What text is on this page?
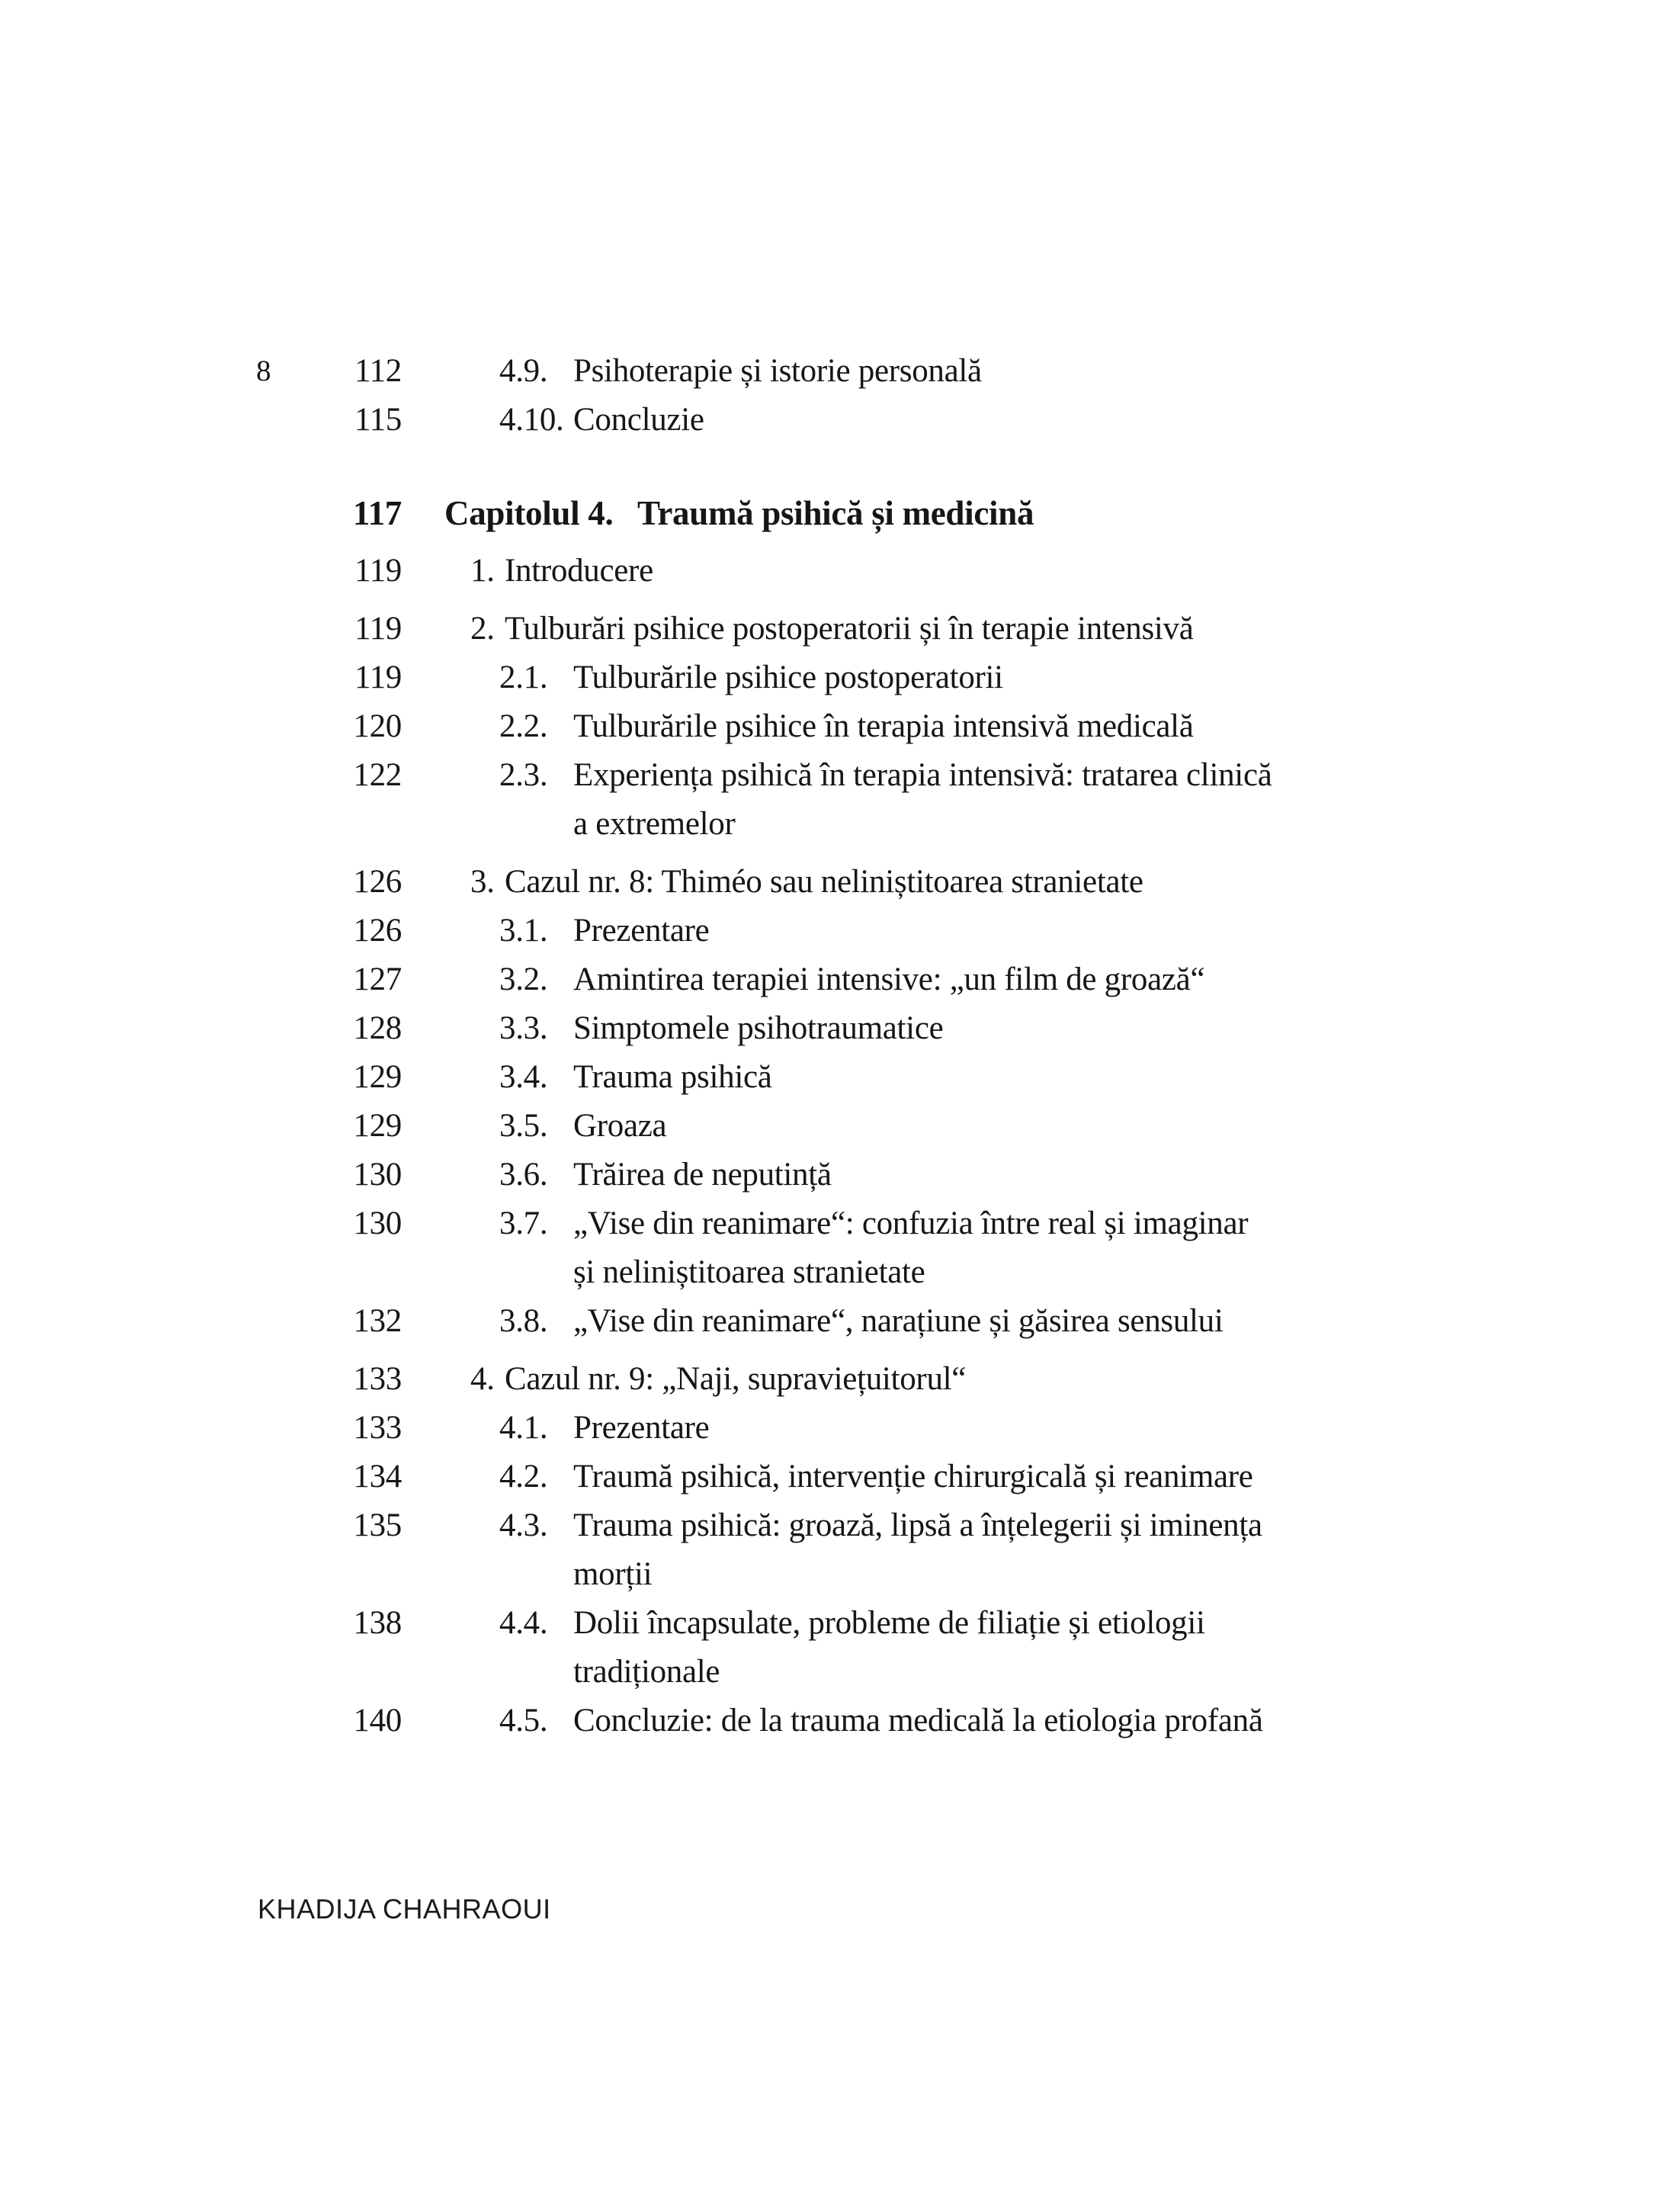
8	112	4.9. Psihoterapie și istorie personală
115	4.10. Concluzie
117 Capitolul 4. Traumă psihică și medicină
119 1. Introducere
119 2. Tulburări psihice postoperatorii și în terapie intensivă
119	2.1. Tulburările psihice postoperatorii
120	2.2. Tulburările psihice în terapia intensivă medicală
122	2.3. Experiența psihică în terapia intensivă: tratarea clinică
a extremelor
126 3. Cazul nr. 8: Thiméo sau neliniștitoarea stranietate
126	3.1. Prezentare
127	3.2. Amintirea terapiei intensive: „un film de groază“
128	3.3. Simptomele psihotraumatice
129	3.4. Trauma psihică
129	3.5. Groaza
130	3.6. Trăirea de neputință
130	3.7. „Vise din reanimare“: confuzia între real și imaginar
și neliniștitoarea stranietate
132	3.8. „Vise din reanimare“, narațiune și găsirea sensului
133 4. Cazul nr. 9: „Naji, supraviețuitorul“
133	4.1. Prezentare
134	4.2. Traumă psihică, intervenție chirurgicală și reanimare
135	4.3. Trauma psihică: groază, lipsă a înțelegerii și iminența
morții
138	4.4. Dolii încapsulate, probleme de filiație și etiologii
tradiționale
140	4.5. Concluzie: de la trauma medicală la etiologia profană
KHADIJA CHAHRAOUI
